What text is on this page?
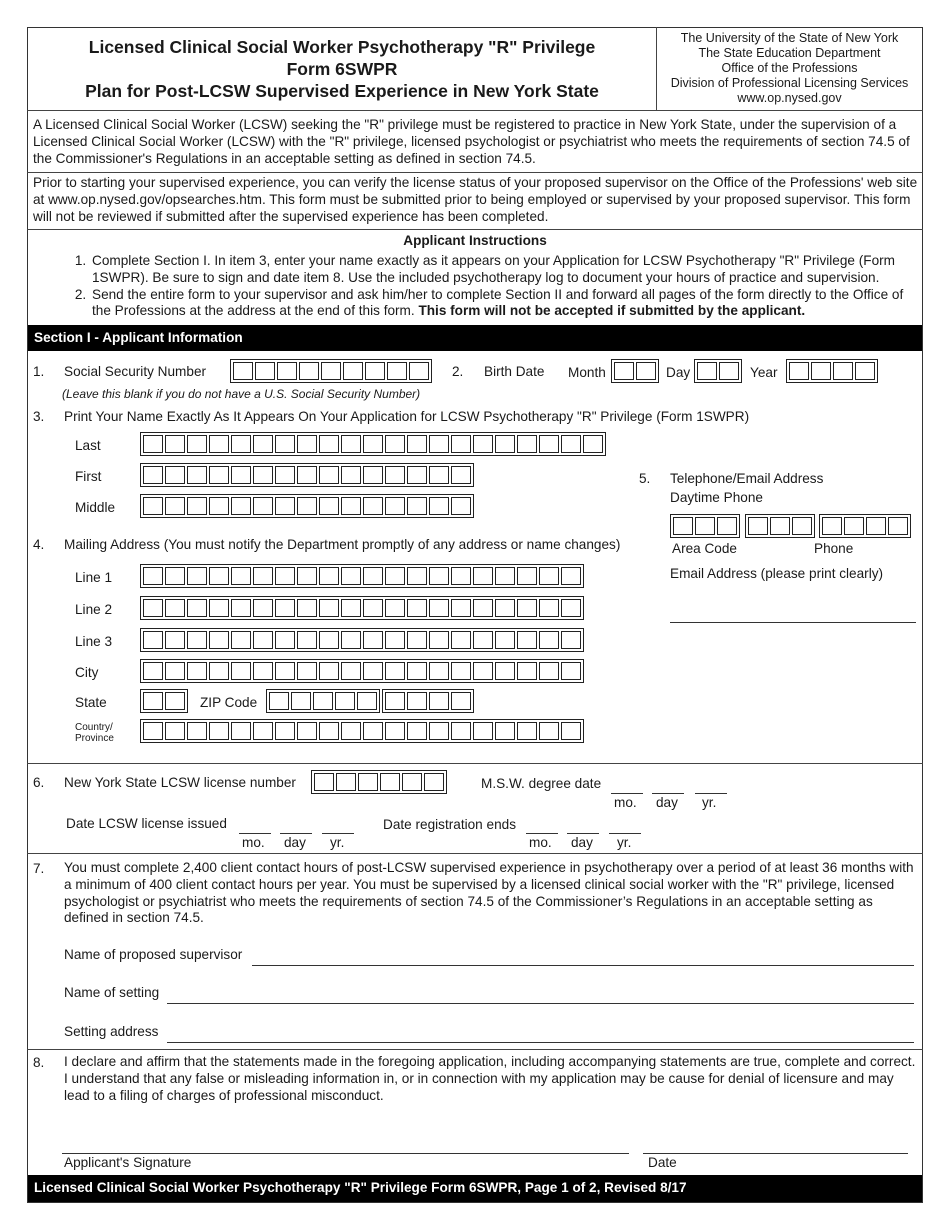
Licensed Clinical Social Worker Psychotherapy "R" Privilege
Form 6SWPR
Plan for Post-LCSW Supervised Experience in New York State
The University of the State of New York
The State Education Department
Office of the Professions
Division of Professional Licensing Services
www.op.nysed.gov
A Licensed Clinical Social Worker (LCSW) seeking the "R" privilege must be registered to practice in New York State, under the supervision of a Licensed Clinical Social Worker (LCSW) with the "R" privilege, licensed psychologist or psychiatrist who meets the requirements of section 74.5 of the Commissioner's Regulations in an acceptable setting as defined in section 74.5.
Prior to starting your supervised experience, you can verify the license status of your proposed supervisor on the Office of the Professions' web site at www.op.nysed.gov/opsearches.htm. This form must be submitted prior to being employed or supervised by your proposed supervisor. This form will not be reviewed if submitted after the supervised experience has been completed.
Applicant Instructions
1. Complete Section I. In item 3, enter your name exactly as it appears on your Application for LCSW Psychotherapy "R" Privilege (Form 1SWPR). Be sure to sign and date item 8. Use the included psychotherapy log to document your hours of practice and supervision.
2. Send the entire form to your supervisor and ask him/her to complete Section II and forward all pages of the form directly to the Office of the Professions at the address at the end of this form. This form will not be accepted if submitted by the applicant.
Section I - Applicant Information
1. Social Security Number
(Leave this blank if you do not have a U.S. Social Security Number)
2. Birth Date Month	Day	Year
3. Print Your Name Exactly As It Appears On Your Application for LCSW Psychotherapy "R" Privilege (Form 1SWPR)
Last
First
Middle
5. Telephone/Email Address
Daytime Phone
Area Code	Phone
Email Address (please print clearly)
4. Mailing Address (You must notify the Department promptly of any address or name changes)
Line 1
Line 2
Line 3
City
State	ZIP Code
Country/
Province
6. New York State LCSW license number	M.S.W. degree date
mo. day yr.
Date LCSW license issued
mo. day yr.
Date registration ends
mo. day yr.
7. You must complete 2,400 client contact hours of post-LCSW supervised experience in psychotherapy over a period of at least 36 months with a minimum of 400 client contact hours per year. You must be supervised by a licensed clinical social worker with the "R" privilege, licensed psychologist or psychiatrist who meets the requirements of section 74.5 of the Commissioner’s Regulations in an acceptable setting as defined in section 74.5.
Name of proposed supervisor
Name of setting
Setting address
8. I declare and affirm that the statements made in the foregoing application, including accompanying statements are true, complete and correct. I understand that any false or misleading information in, or in connection with my application may be cause for denial of licensure and may lead to a filing of charges of professional misconduct.
Applicant's Signature	Date
Licensed Clinical Social Worker Psychotherapy "R" Privilege Form 6SWPR, Page 1 of 2, Revised 8/17
